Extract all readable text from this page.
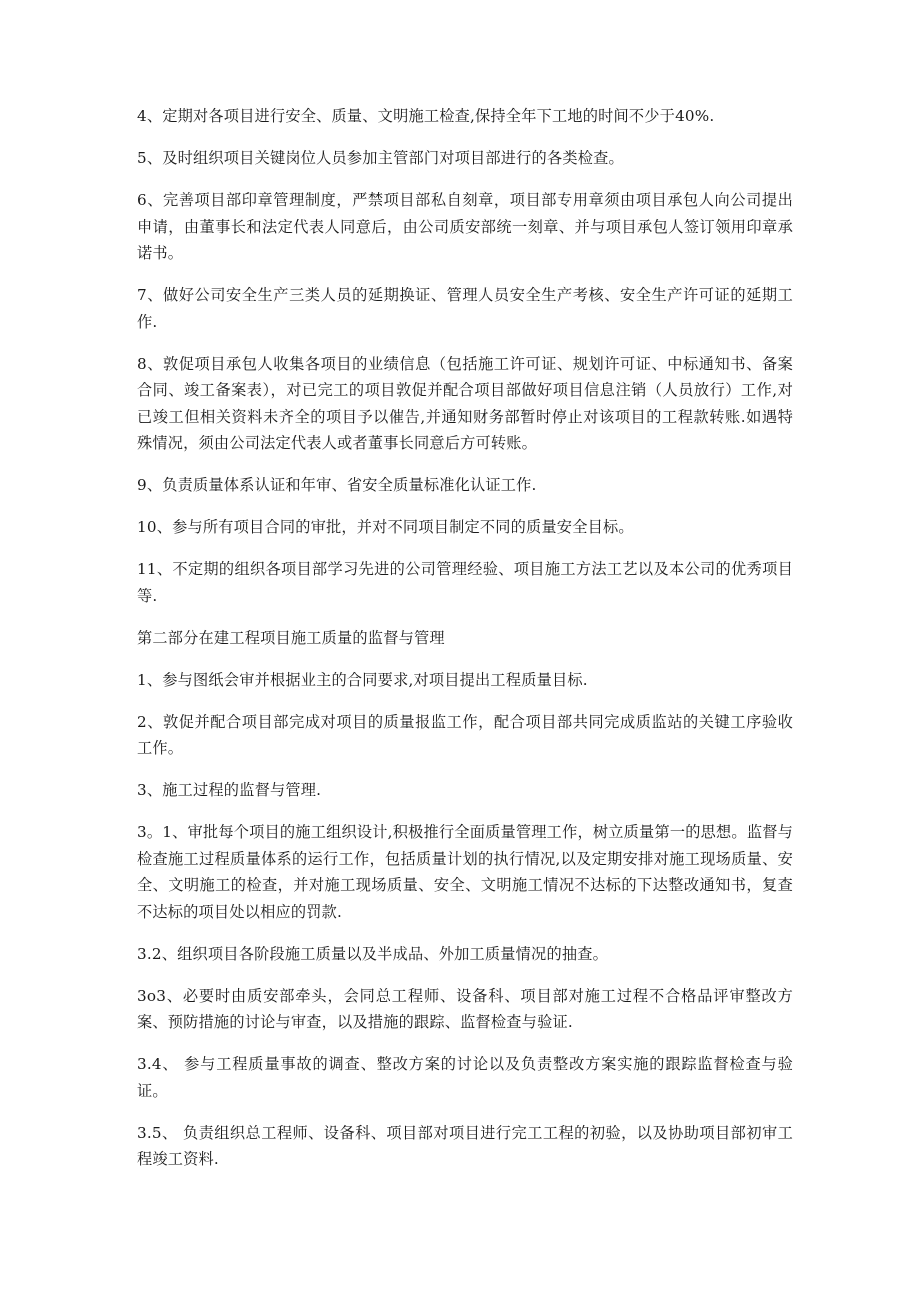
4、定期对各项目进行安全、质量、文明施工检查,保持全年下工地的时间不少于40%.

5、及时组织项目关键岗位人员参加主管部门对项目部进行的各类检查。

6、完善项目部印章管理制度，严禁项目部私自刻章，项目部专用章须由项目承包人向公司提出申请，由董事长和法定代表人同意后，由公司质安部统一刻章、并与项目承包人签订领用印章承诺书。

7、做好公司安全生产三类人员的延期换证、管理人员安全生产考核、安全生产许可证的延期工作.

8、敦促项目承包人收集各项目的业绩信息（包括施工许可证、规划许可证、中标通知书、备案合同、竣工备案表），对已完工的项目敦促并配合项目部做好项目信息注销（人员放行）工作,对已竣工但相关资料未齐全的项目予以催告,并通知财务部暂时停止对该项目的工程款转账.如遇特殊情况，须由公司法定代表人或者董事长同意后方可转账。

9、负责质量体系认证和年审、省安全质量标准化认证工作.

10、参与所有项目合同的审批，并对不同项目制定不同的质量安全目标。

11、不定期的组织各项目部学习先进的公司管理经验、项目施工方法工艺以及本公司的优秀项目等.

第二部分在建工程项目施工质量的监督与管理

1、参与图纸会审并根据业主的合同要求,对项目提出工程质量目标.

2、敦促并配合项目部完成对项目的质量报监工作，配合项目部共同完成质监站的关键工序验收工作。

3、施工过程的监督与管理.

3。1、审批每个项目的施工组织设计,积极推行全面质量管理工作，树立质量第一的思想。监督与检查施工过程质量体系的运行工作，包括质量计划的执行情况,以及定期安排对施工现场质量、安全、文明施工的检查，并对施工现场质量、安全、文明施工情况不达标的下达整改通知书，复查不达标的项目处以相应的罚款.

3.2、组织项目各阶段施工质量以及半成品、外加工质量情况的抽查。

3o3、必要时由质安部牵头，会同总工程师、设备科、项目部对施工过程不合格品评审整改方案、预防措施的讨论与审查，以及措施的跟踪、监督检查与验证.

3.4、 参与工程质量事故的调查、整改方案的讨论以及负责整改方案实施的跟踪监督检查与验证。

3.5、 负责组织总工程师、设备科、项目部对项目进行完工工程的初验，以及协助项目部初审工程竣工资料.
